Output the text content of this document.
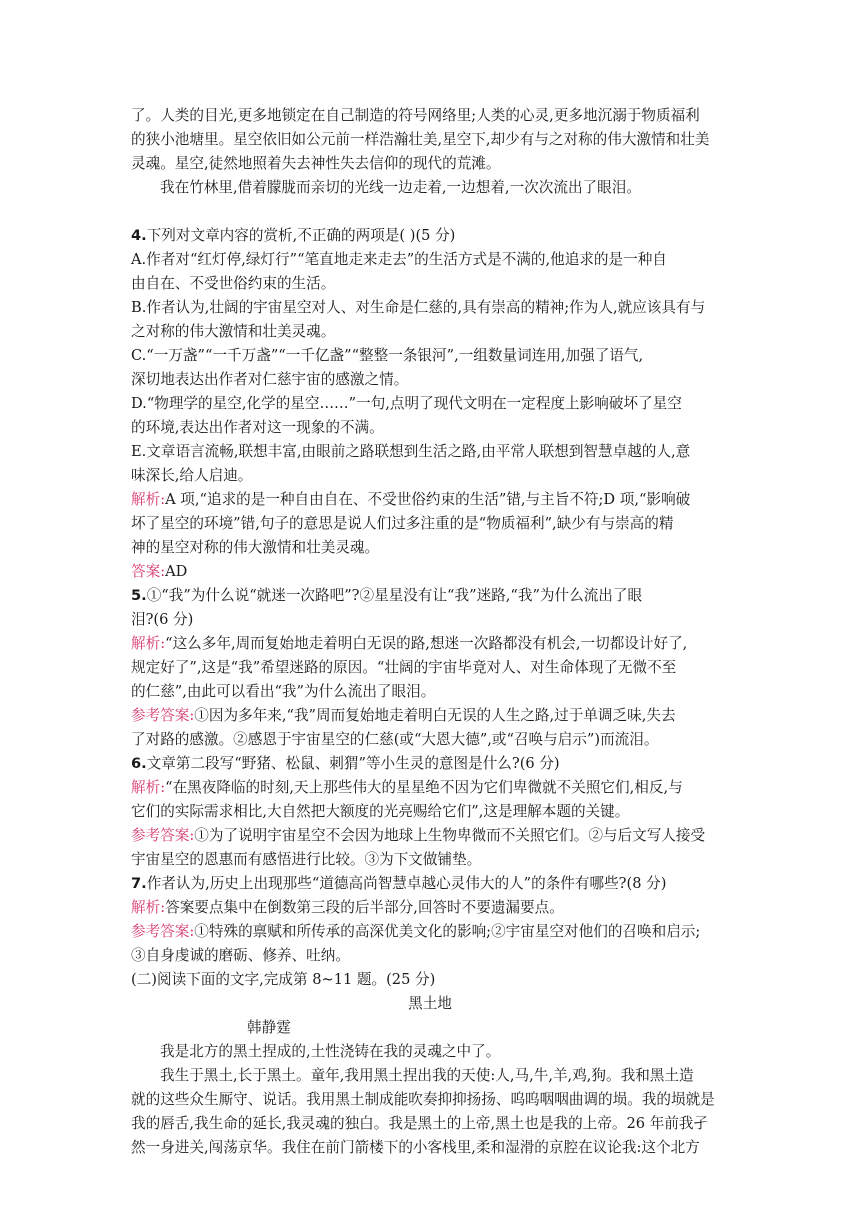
了。人类的目光,更多地锁定在自己制造的符号网络里;人类的心灵,更多地沉溺于物质福利
的狭小池塘里。星空依旧如公元前一样浩瀚壮美,星空下,却少有与之对称的伟大激情和壮美
灵魂。星空,徒然地照着失去神性失去信仰的现代的荒滩。
我在竹林里,借着朦胧而亲切的光线一边走着,一边想着,一次次流出了眼泪。
4.下列对文章内容的赏析,不正确的两项是( )(5 分)
A.作者对“红灯停,绿灯行”“笔直地走来走去”的生活方式是不满的,他追求的是一种自
由自在、不受世俗约束的生活。
B.作者认为,壮阔的宇宙星空对人、对生命是仁慈的,具有崇高的精神;作为人,就应该具有与
之对称的伟大激情和壮美灵魂。
C.“一万盏”“一千万盏”“一千亿盏”“整整一条银河”,一组数量词连用,加强了语气,
深切地表达出作者对仁慈宇宙的感激之情。
D.“物理学的星空,化学的星空……”一句,点明了现代文明在一定程度上影响破坏了星空
的环境,表达出作者对这一现象的不满。
E.文章语言流畅,联想丰富,由眼前之路联想到生活之路,由平常人联想到智慧卓越的人,意
味深长,给人启迪。
解析:A 项,“追求的是一种自由自在、不受世俗约束的生活”错,与主旨不符;D 项,“影响破
坏了星空的环境”错,句子的意思是说人们过多注重的是“物质福利”,缺少有与崇高的精
神的星空对称的伟大激情和壮美灵魂。
答案:AD
5.①“我”为什么说“就迷一次路吧”?②星星没有让“我”迷路,“我”为什么流出了眼
泪?(6 分)
解析:“这么多年,周而复始地走着明白无误的路,想迷一次路都没有机会,一切都设计好了,
规定好了”,这是“我”希望迷路的原因。“壮阔的宇宙毕竟对人、对生命体现了无微不至
的仁慈”,由此可以看出“我”为什么流出了眼泪。
参考答案:①因为多年来,“我”周而复始地走着明白无误的人生之路,过于单调乏味,失去
了对路的感激。②感恩于宇宙星空的仁慈(或“大恩大德”,或“召唤与启示”)而流泪。
6.文章第二段写“野猪、松鼠、刺猬”等小生灵的意图是什么?(6 分)
解析:“在黑夜降临的时刻,天上那些伟大的星星绝不因为它们卑微就不关照它们,相反,与
它们的实际需求相比,大自然把大额度的光亮赐给它们”,这是理解本题的关键。
参考答案:①为了说明宇宙星空不会因为地球上生物卑微而不关照它们。②与后文写人接受
宇宙星空的恩惠而有感悟进行比较。③为下文做铺垫。
7.作者认为,历史上出现那些“道德高尚智慧卓越心灵伟大的人”的条件有哪些?(8 分)
解析:答案要点集中在倒数第三段的后半部分,回答时不要遗漏要点。
参考答案:①特殊的禀赋和所传承的高深优美文化的影响;②宇宙星空对他们的召唤和启示;
③自身虔诚的磨砺、修养、吐纳。
(二)阅读下面的文字,完成第 8~11 题。(25 分)
黑土地
韩静霆
我是北方的黑土捏成的,土性浇铸在我的灵魂之中了。
我生于黑土,长于黑土。童年,我用黑土捏出我的天使:人,马,牛,羊,鸡,狗。我和黑土造
就的这些众生厮守、说话。我用黑土制成能吹奏抑抑扬扬、呜呜咽咽曲调的埙。我的埙就是
我的唇舌,我生命的延长,我灵魂的独白。我是黑土的上帝,黑土也是我的上帝。26 年前我孑
然一身进关,闯荡京华。我住在前门箭楼下的小客栈里,柔和湿滑的京腔在议论我:这个北方
